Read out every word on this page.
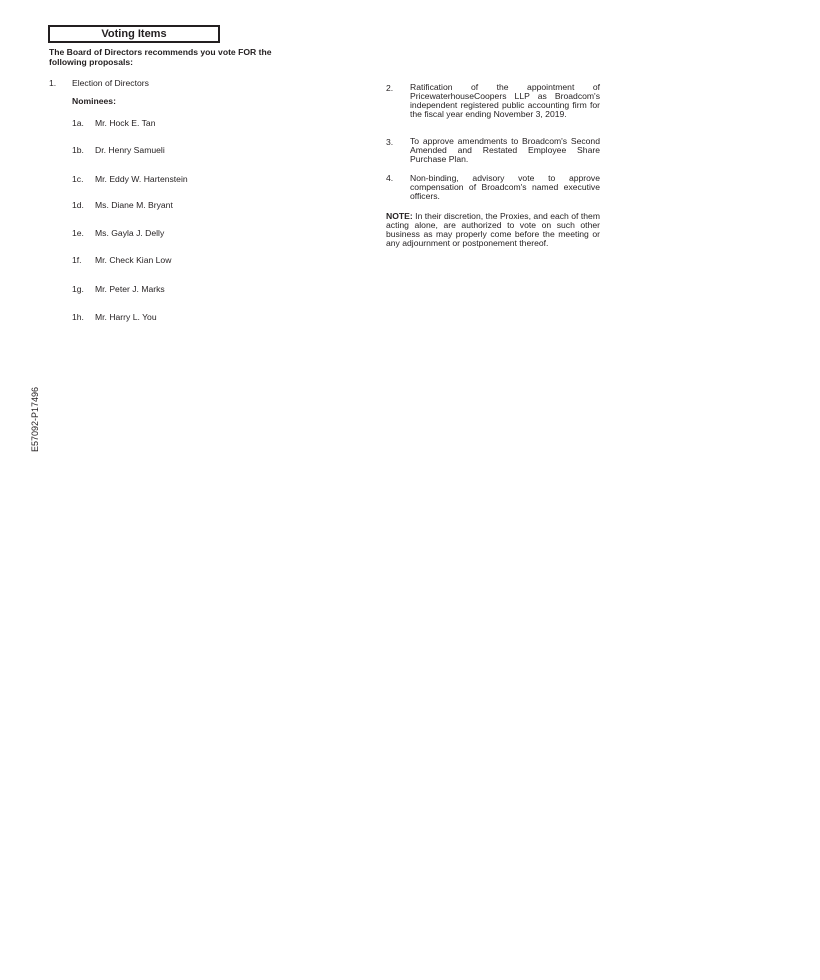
Voting Items
The Board of Directors recommends you vote FOR the following proposals:
1. Election of Directors
Nominees:
1a. Mr. Hock E. Tan
1b. Dr. Henry Samueli
1c. Mr. Eddy W. Hartenstein
1d. Ms. Diane M. Bryant
1e. Ms. Gayla J. Delly
1f. Mr. Check Kian Low
1g. Mr. Peter J. Marks
1h. Mr. Harry L. You
2. Ratification of the appointment of PricewaterhouseCoopers LLP as Broadcom's independent registered public accounting firm for the fiscal year ending November 3, 2019.
3. To approve amendments to Broadcom's Second Amended and Restated Employee Share Purchase Plan.
4. Non-binding, advisory vote to approve compensation of Broadcom's named executive officers.
NOTE: In their discretion, the Proxies, and each of them acting alone, are authorized to vote on such other business as may properly come before the meeting or any adjournment or postponement thereof.
E57092-P17496
